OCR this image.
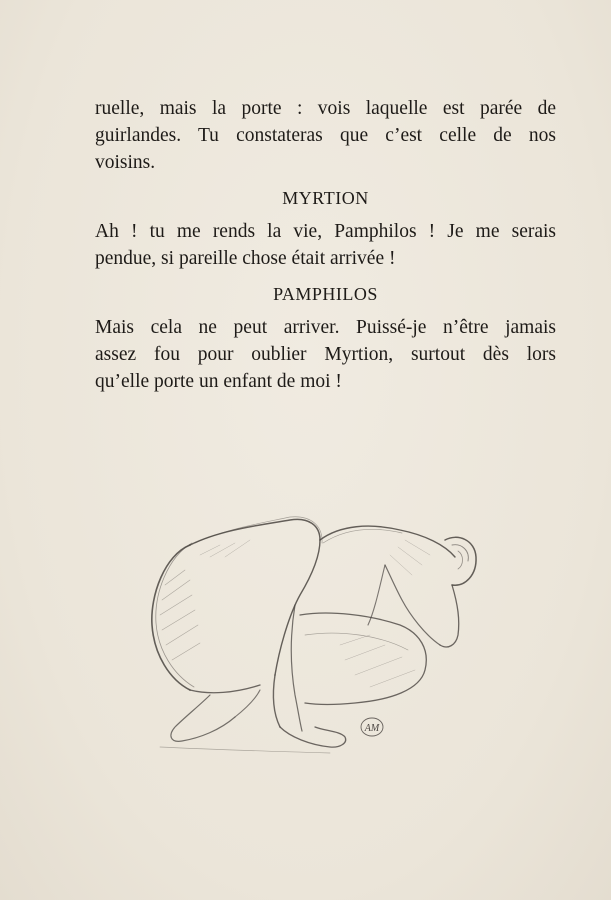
ruelle, mais la porte : vois laquelle est parée de
guirlandes. Tu constateras que c’est celle de nos
voisins.

MYRTION

Ah ! tu me rends la vie, Pamphilos ! Je me serais
pendue, si pareille chose était arrivée !

PAMPHILOS

Mais cela ne peut arriver. Puissé-je n’être jamais
assez fou pour oublier Myrtion, surtout dès lors
qu’elle porte un enfant de moi !

AM
